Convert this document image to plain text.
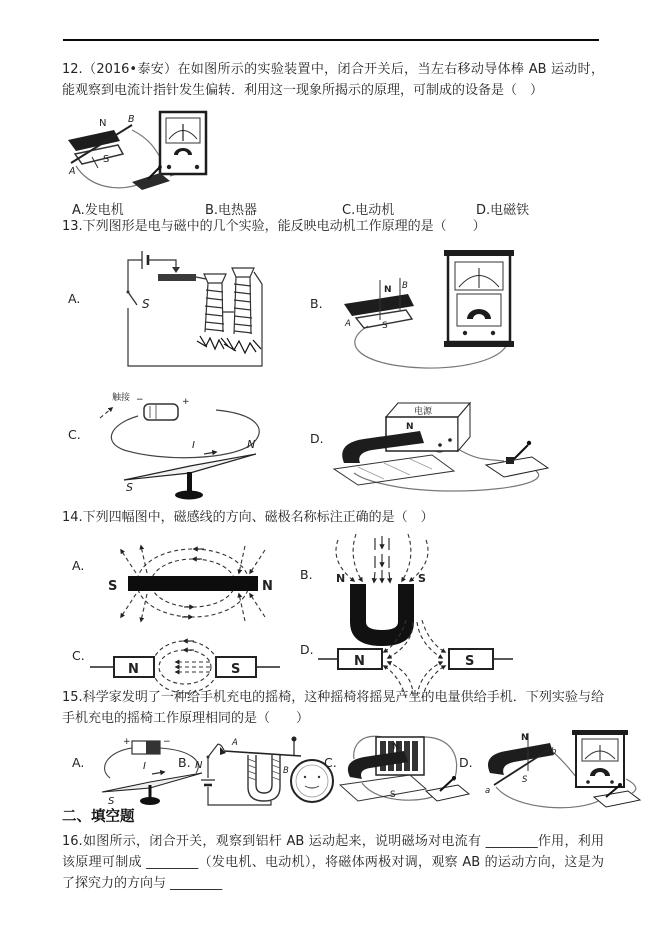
12.（2016•泰安）在如图所示的实验装置中，闭合开关后，当左右移动导体棒 AB 运动时，能观察到电流计指针发生偏转．利用这一现象所揭示的原理，可制成的设备是（　）
N B
A
S
A.发电机	B.电热器	C.电动机	D.电磁铁
13.下列图形是电与磁中的几个实验，能反映电动机工作原理的是（　　）
A.	S	B.
N B
A	S
C.
触接 −	+
I
S
N	D.
电源
N
14.下列四幅图中，磁感线的方向、磁极名称标注正确的是（　）
A.
S	N
B. N	S
C.
N	S
D.
N	S
15.科学家发明了一种给手机充电的摇椅，这种摇椅将摇晃产生的电量供给手机．下列实验与给手机充电的摇椅工作原理相同的是（　　）
A.
+	−
I
S
N
B.
A
B
C.
N
S
D.
N
b
a
S
二、填空题
16.如图所示，闭合开关，观察到铝杆 AB 运动起来，说明磁场对电流有 ________作用，利用该原理可制成 ________（发电机、电动机），将磁体两极对调，观察 AB 的运动方向，这是为了探究力的方向与 ________
